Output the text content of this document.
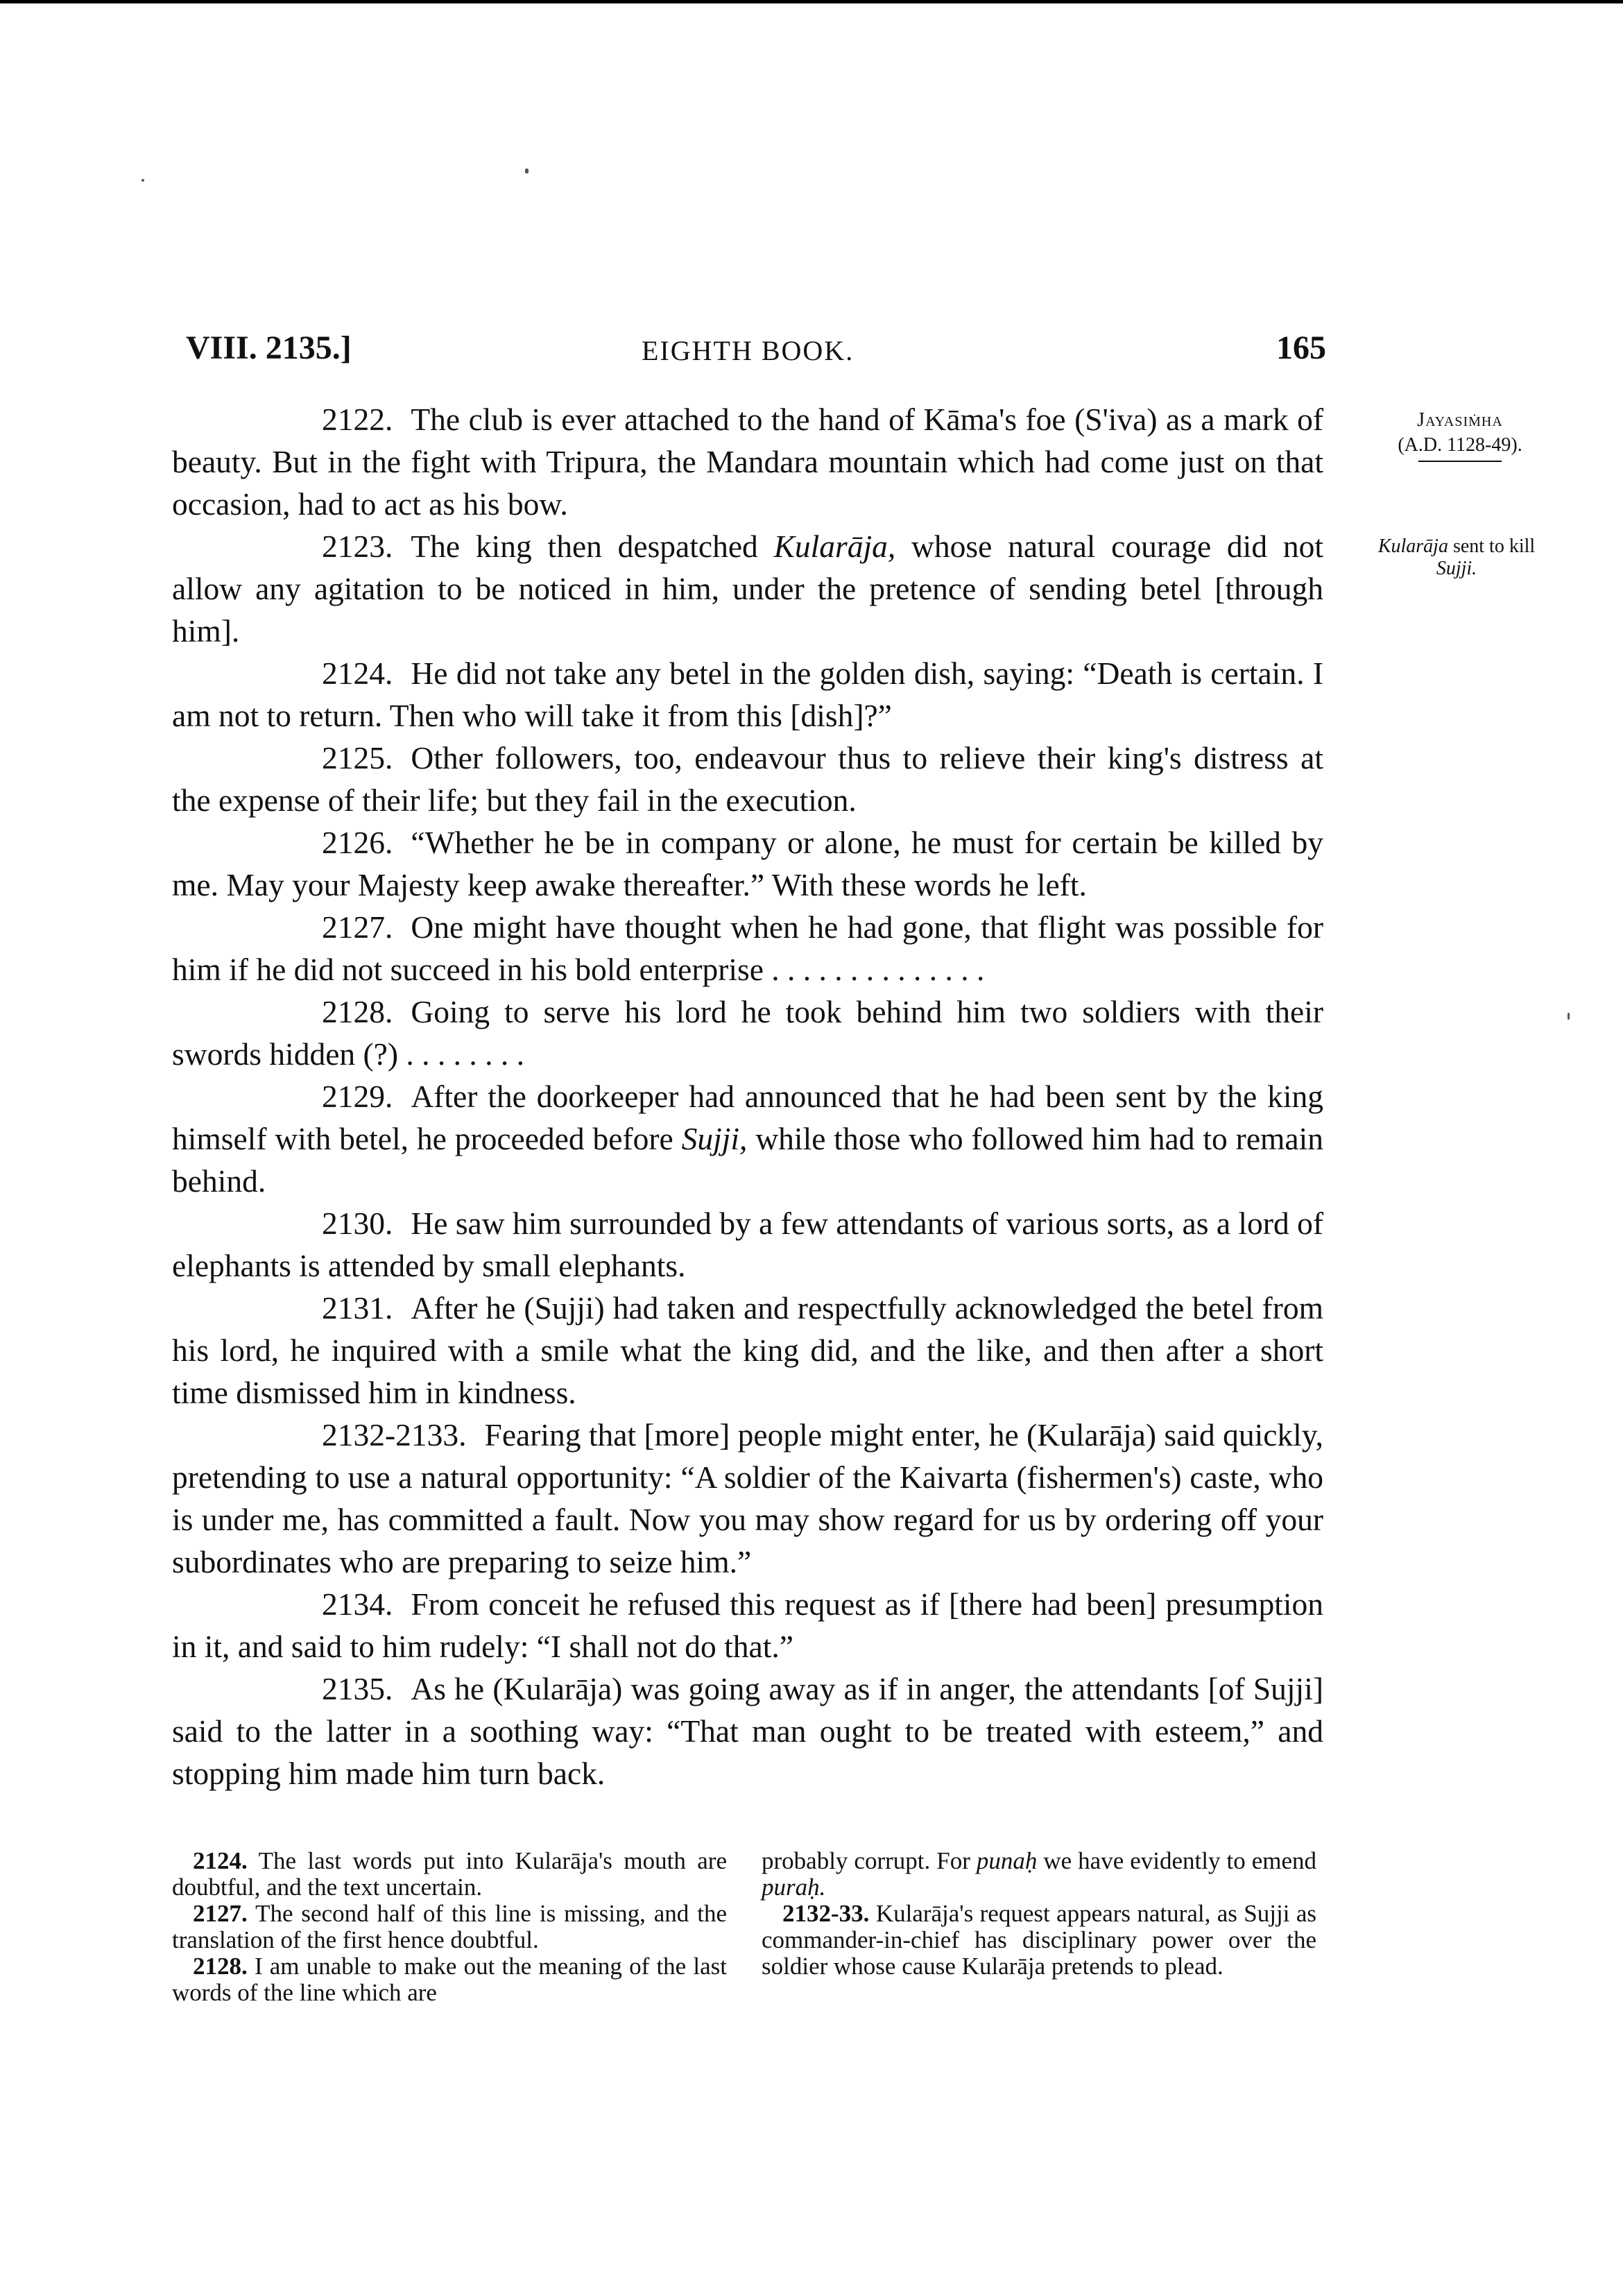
VIII. 2135.]	EIGHTH BOOK.	165
Jayasiṁha
(A.D. 1128-49).
Kularāja sent to kill
Sujji.

2122. The club is ever attached to the hand of Kāma's foe (S'iva) as a mark of beauty. But in the fight with Tripura, the Mandara mountain which had come just on that occasion, had to act as his bow.

2123. The king then despatched Kularāja, whose natural courage did not allow any agitation to be noticed in him, under the pretence of sending betel [through him].

2124. He did not take any betel in the golden dish, saying: “Death is certain. I am not to return. Then who will take it from this [dish]?”

2125. Other followers, too, endeavour thus to relieve their king's distress at the expense of their life; but they fail in the execution.

2126. “Whether he be in company or alone, he must for certain be killed by me. May your Majesty keep awake thereafter.” With these words he left.

2127. One might have thought when he had gone, that flight was possible for him if he did not succeed in his bold enterprise . . . . . . . . . . . . . .

2128. Going to serve his lord he took behind him two soldiers with their swords hidden (?) . . . . . . . .

2129. After the doorkeeper had announced that he had been sent by the king himself with betel, he proceeded before Sujji, while those who followed him had to remain behind.

2130. He saw him surrounded by a few attendants of various sorts, as a lord of elephants is attended by small elephants.

2131. After he (Sujji) had taken and respectfully acknowledged the betel from his lord, he inquired with a smile what the king did, and the like, and then after a short time dismissed him in kindness.

2132-2133. Fearing that [more] people might enter, he (Kularāja) said quickly, pretending to use a natural opportunity: “A soldier of the Kaivarta (fishermen's) caste, who is under me, has committed a fault. Now you may show regard for us by ordering off your subordinates who are preparing to seize him.”

2134. From conceit he refused this request as if [there had been] presumption in it, and said to him rudely: “I shall not do that.”

2135. As he (Kularāja) was going away as if in anger, the attendants [of Sujji] said to the latter in a soothing way: “That man ought to be treated with esteem,” and stopping him made him turn back.

2124. The last words put into Kularāja's mouth are doubtful, and the text uncertain.

2127. The second half of this line is missing, and the translation of the first hence doubtful.

2128. I am unable to make out the meaning of the last words of the line which are

probably corrupt. For punaḥ we have evidently to emend puraḥ.

2132-33. Kularāja's request appears natural, as Sujji as commander-in-chief has disciplinary power over the soldier whose cause Kularāja pretends to plead.
